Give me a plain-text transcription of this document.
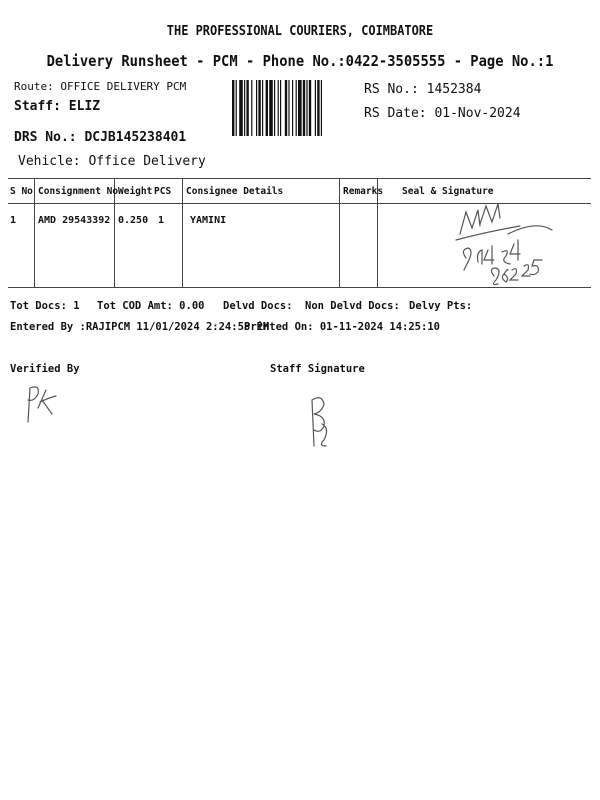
THE PROFESSIONAL COURIERS, COIMBATORE
Delivery Runsheet - PCM - Phone No.:0422-3505555 - Page No.:1
Route: OFFICE DELIVERY PCM
Staff: ELIZ
DRS No.: DCJB145238401
Vehicle: Office Delivery
RS No.: 1452384
RS Date: 01-Nov-2024
S No Consignment No Weight PCS Consignee Details	Remarks Seal & Signature
1 AMD 29543392 0.250 1	YAMINI
Tot Docs: 1 Tot COD Amt: 0.00 Delvd Docs: Non Delvd Docs: Delvy Pts:
Entered By :RAJIPCM 11/01/2024 2:24:58 PM
Printed On: 01-11-2024 14:25:10
Verified By	Staff Signature
